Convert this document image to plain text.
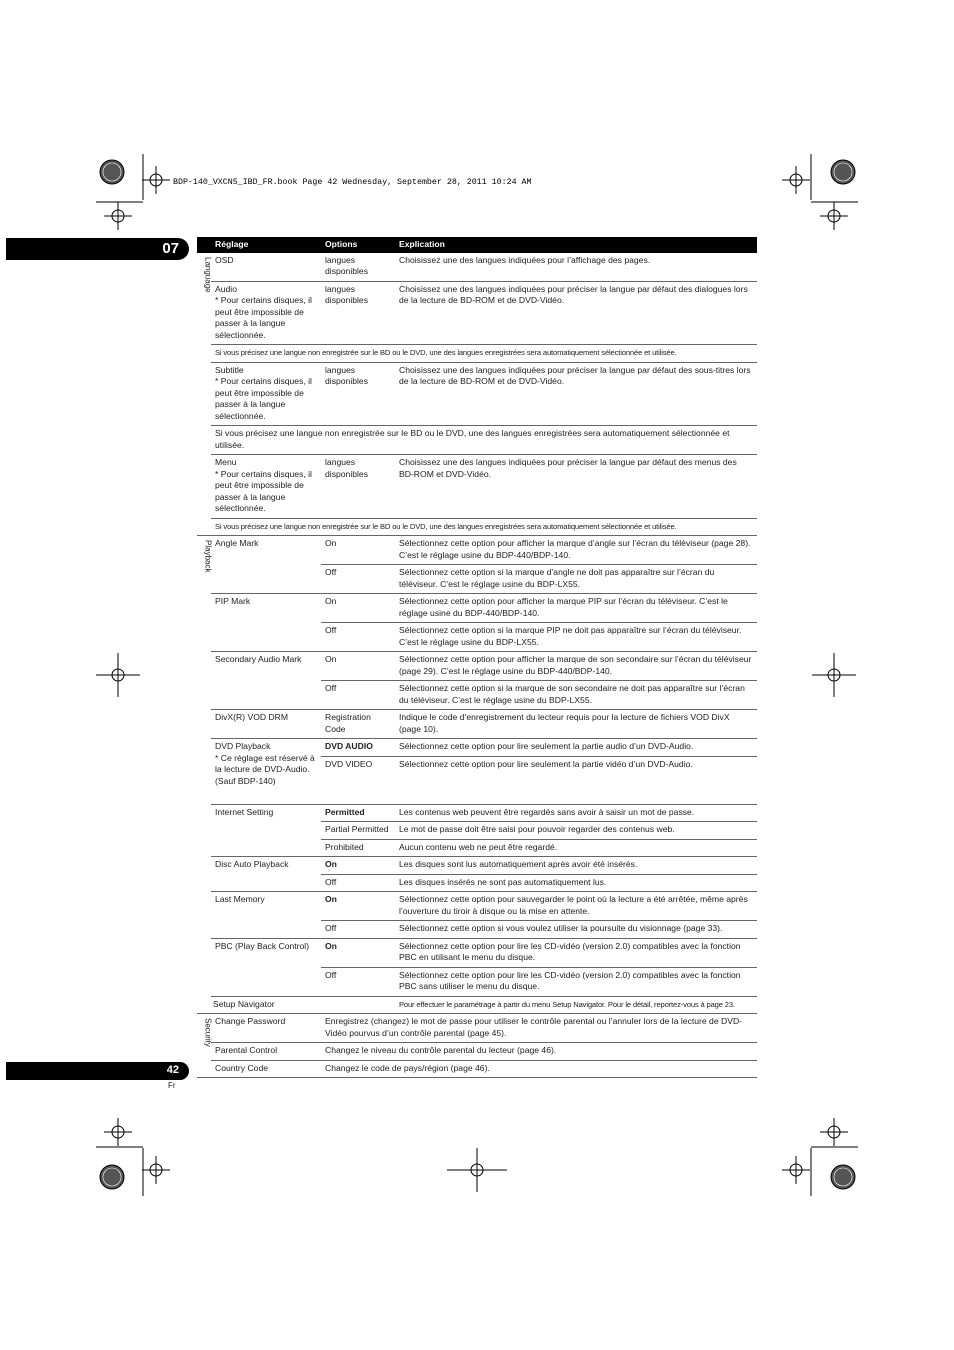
BDP-140_VXCN5_IBD_FR.book Page 42 Wednesday, September 28, 2011 10:24 AM
07
		Réglage	Options	Explication

Language	OSD	langues disponibles	Choisissez une des langues indiquées pour l’affichage des pages.
	Audio
* Pour certains disques, il peut être impossible de passer à la langue sélectionnée.	langues disponibles	Choisissez une des langues indiquées pour préciser la langue par défaut des dialogues lors de la lecture de BD-ROM et de DVD-Vidéo.
	Si vous précisez une langue non enregistrée sur le BD ou le DVD, une des langues enregistrées sera automatiquement sélectionnée et utilisée.		
	Subtitle
* Pour certains disques, il peut être impossible de passer à la langue sélectionnée.	langues disponibles	Choisissez une des langues indiquées pour préciser la langue par défaut des sous-titres lors de la lecture de BD-ROM et de DVD-Vidéo.
	Si vous précisez une langue non enregistrée sur le BD ou le DVD, une des langues enregistrées sera automatiquement sélectionnée et utilisée.		
	Menu
* Pour certains disques, il peut être impossible de passer à la langue sélectionnée.	langues disponibles	Choisissez une des langues indiquées pour préciser la langue par défaut des menus des BD-ROM et DVD-Vidéo.
	Si vous précisez une langue non enregistrée sur le BD ou le DVD, une des langues enregistrées sera automatiquement sélectionnée et utilisée.		

Playback	Angle Mark	On	Sélectionnez cette option pour afficher la marque d’angle sur l’écran du téléviseur (page 28). C’est le réglage usine du BDP-440/BDP-140.
		Off	Sélectionnez cette option si la marque d’angle ne doit pas apparaître sur l’écran du téléviseur. C’est le réglage usine du BDP-LX55.
	PIP Mark	On	Sélectionnez cette option pour afficher la marque PIP sur l’écran du téléviseur. C’est le réglage usine du BDP-440/BDP-140.
		Off	Sélectionnez cette option si la marque PIP ne doit pas apparaître sur l’écran du téléviseur. C’est le réglage usine du BDP-LX55.
	Secondary Audio Mark	On	Sélectionnez cette option pour afficher la marque de son secondaire sur l’écran du téléviseur (page 29). C’est le réglage usine du BDP-440/BDP-140.
		Off	Sélectionnez cette option si la marque de son secondaire ne doit pas apparaître sur l’écran du téléviseur. C’est le réglage usine du BDP-LX55.
	DivX(R) VOD DRM	Registration Code	Indique le code d’enregistrement du lecteur requis pour la lecture de fichiers VOD DivX (page 10).
	DVD Playback
* Ce réglage est réservé à la lecture de DVD-Audio. (Sauf BDP-140)	DVD AUDIO	Sélectionnez cette option pour lire seulement la partie audio d’un DVD-Audio.
		DVD VIDEO	Sélectionnez cette option pour lire seulement la partie vidéo d’un DVD-Audio.
	Internet Setting	Permitted	Les contenus web peuvent être regardés sans avoir à saisir un mot de passe.
		Partial Permitted	Le mot de passe doit être saisi pour pouvoir regarder des contenus web.
		Prohibited	Aucun contenu web ne peut être regardé.
	Disc Auto Playback	On	Les disques sont lus automatiquement après avoir été insérés.
		Off	Les disques insérés ne sont pas automatiquement lus.
	Last Memory	On	Sélectionnez cette option pour sauvegarder le point où la lecture a été arrêtée, même après l’ouverture du tiroir à disque ou la mise en attente.
		Off	Sélectionnez cette option si vous voulez utiliser la poursuite du visionnage (page 33).
	PBC (Play Back Control)	On	Sélectionnez cette option pour lire les CD-vidéo (version 2.0) compatibles avec la fonction PBC en utilisant le menu du disque.
		Off	Sélectionnez cette option pour lire les CD-vidéo (version 2.0) compatibles avec la fonction PBC sans utiliser le menu du disque.

	Setup Navigator		Pour effectuer le paramétrage à partir du menu Setup Navigator. Pour le détail, reportez-vous à page 23.

Security	Change Password	Enregistrez (changez) le mot de passe pour utiliser le contrôle parental ou l’annuler lors de la lecture de DVD-Vidéo pourvus d’un contrôle parental (page 45).	
	Parental Control	Changez le niveau du contrôle parental du lecteur (page 46).	
	Country Code	Changez le code de pays/région (page 46).	
42
Fr
